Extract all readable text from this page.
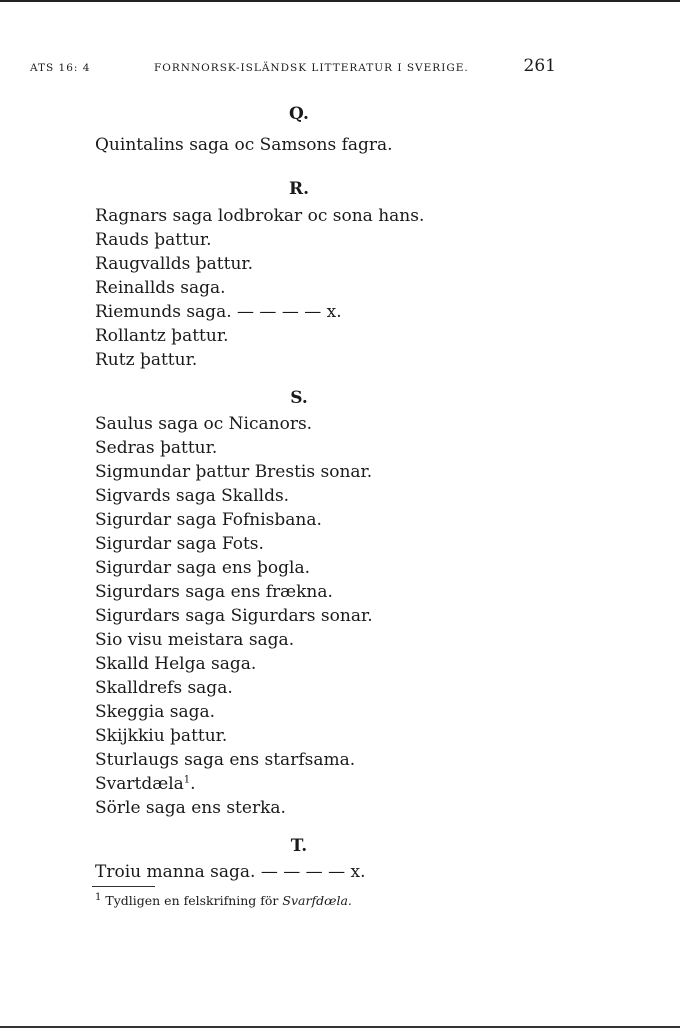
ATS 16: 4	FORNNORSK-ISLÄNDSK LITTERATUR I SVERIGE.	261
Q.
Quintalins saga oc Samsons fagra.
R.
Ragnars saga lodbrokar oc sona hans.
Rauds þattur.
Raugvallds þattur.
Reinallds saga.
Riemunds saga. — — — — x.
Rollantz þattur.
Rutz þattur.
S.
Saulus saga oc Nicanors.
Sedras þattur.
Sigmundar þattur Brestis sonar.
Sigvards saga Skallds.
Sigurdar saga Fofnisbana.
Sigurdar saga Fots.
Sigurdar saga ens þogla.
Sigurdars saga ens frækna.
Sigurdars saga Sigurdars sonar.
Sio visu meistara saga.
Skalld Helga saga.
Skalldrefs saga.
Skeggia saga.
Skijkkiu þattur.
Sturlaugs saga ens starfsama.
Svartdæla$^1$.
Sörle saga ens sterka.
T.
Troiu manna saga. — — — — x.
$^1$ Tydligen en felskrifning för Svarfdœla.
